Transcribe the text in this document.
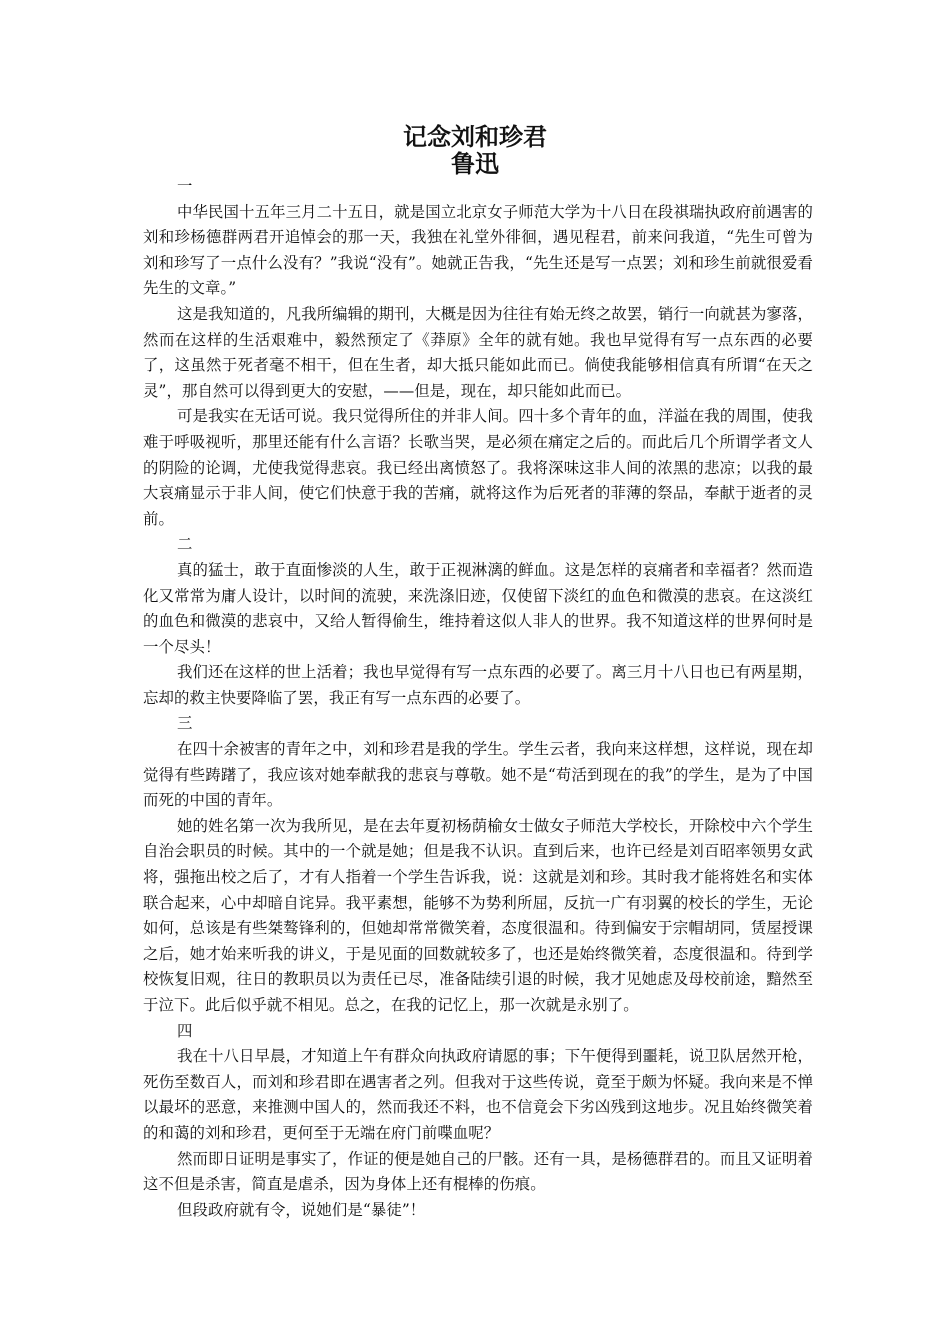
记念刘和珍君
鲁迅

一

中华民国十五年三月二十五日，就是国立北京女子师范大学为十八日在段祺瑞执政府前遇害的刘和珍杨德群两君开追悼会的那一天，我独在礼堂外徘徊，遇见程君，前来问我道，“先生可曾为刘和珍写了一点什么没有？”我说“没有”。她就正告我，“先生还是写一点罢；刘和珍生前就很爱看先生的文章。”

这是我知道的，凡我所编辑的期刊，大概是因为往往有始无终之故罢，销行一向就甚为寥落，然而在这样的生活艰难中，毅然预定了《莽原》全年的就有她。我也早觉得有写一点东西的必要了，这虽然于死者毫不相干，但在生者，却大抵只能如此而已。倘使我能够相信真有所谓“在天之灵”，那自然可以得到更大的安慰，——但是，现在，却只能如此而已。

可是我实在无话可说。我只觉得所住的并非人间。四十多个青年的血，洋溢在我的周围，使我难于呼吸视听，那里还能有什么言语？长歌当哭，是必须在痛定之后的。而此后几个所谓学者文人的阴险的论调，尤使我觉得悲哀。我已经出离愤怒了。我将深味这非人间的浓黑的悲凉；以我的最大哀痛显示于非人间，使它们快意于我的苦痛，就将这作为后死者的菲薄的祭品，奉献于逝者的灵前。

二

真的猛士，敢于直面惨淡的人生，敢于正视淋漓的鲜血。这是怎样的哀痛者和幸福者？然而造化又常常为庸人设计，以时间的流驶，来洗涤旧迹，仅使留下淡红的血色和微漠的悲哀。在这淡红的血色和微漠的悲哀中，又给人暂得偷生，维持着这似人非人的世界。我不知道这样的世界何时是一个尽头！

我们还在这样的世上活着；我也早觉得有写一点东西的必要了。离三月十八日也已有两星期，忘却的救主快要降临了罢，我正有写一点东西的必要了。

三

在四十余被害的青年之中，刘和珍君是我的学生。学生云者，我向来这样想，这样说，现在却觉得有些踌躇了，我应该对她奉献我的悲哀与尊敬。她不是“苟活到现在的我”的学生，是为了中国而死的中国的青年。

她的姓名第一次为我所见，是在去年夏初杨荫榆女士做女子师范大学校长，开除校中六个学生自治会职员的时候。其中的一个就是她；但是我不认识。直到后来，也许已经是刘百昭率领男女武将，强拖出校之后了，才有人指着一个学生告诉我，说：这就是刘和珍。其时我才能将姓名和实体联合起来，心中却暗自诧异。我平素想，能够不为势利所屈，反抗一广有羽翼的校长的学生，无论如何，总该是有些桀骜锋利的，但她却常常微笑着，态度很温和。待到偏安于宗帽胡同，赁屋授课之后，她才始来听我的讲义，于是见面的回数就较多了，也还是始终微笑着，态度很温和。待到学校恢复旧观，往日的教职员以为责任已尽，准备陆续引退的时候，我才见她虑及母校前途，黯然至于泣下。此后似乎就不相见。总之，在我的记忆上，那一次就是永别了。

四

我在十八日早晨，才知道上午有群众向执政府请愿的事；下午便得到噩耗，说卫队居然开枪，死伤至数百人，而刘和珍君即在遇害者之列。但我对于这些传说，竟至于颇为怀疑。我向来是不惮以最坏的恶意，来推测中国人的，然而我还不料，也不信竟会下劣凶残到这地步。况且始终微笑着的和蔼的刘和珍君，更何至于无端在府门前喋血呢？

然而即日证明是事实了，作证的便是她自己的尸骸。还有一具，是杨德群君的。而且又证明着这不但是杀害，简直是虐杀，因为身体上还有棍棒的伤痕。

但段政府就有令，说她们是“暴徒”！
